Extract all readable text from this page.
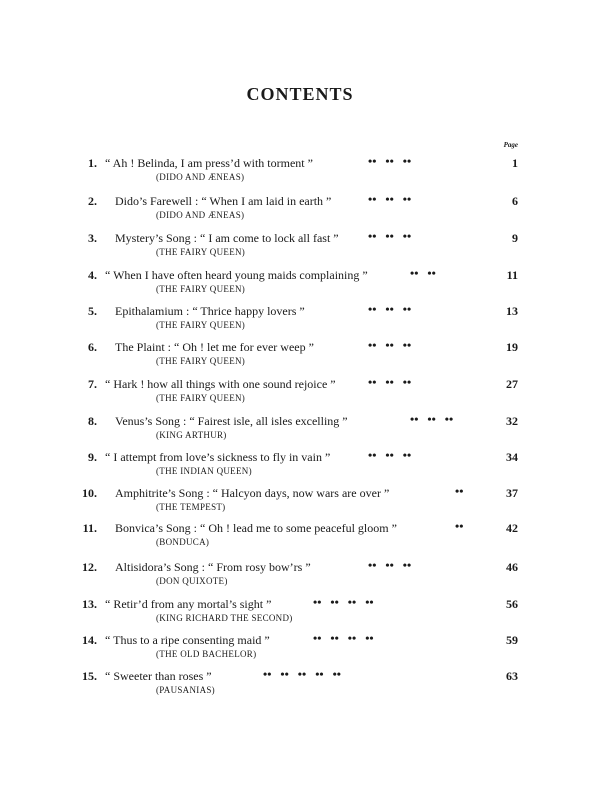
CONTENTS
Page
1. “ Ah ! Belinda, I am press’d with torment ”
(DIDO AND ÆNEAS)
••   ••   ••	1
2. Dido’s Farewell : “ When I am laid in earth ”
(DIDO AND ÆNEAS)
••   ••   ••	6
3. Mystery’s Song : “ I am come to lock all fast ”
(THE FAIRY QUEEN)
••   ••   ••	9
4. “ When I have often heard young maids complaining ”
(THE FAIRY QUEEN)
••   ••	11
5. Epithalamium : “ Thrice happy lovers ”
(THE FAIRY QUEEN)
••   ••   ••	13
6. The Plaint : “ Oh ! let me for ever weep ”
(THE FAIRY QUEEN)
••   ••   ••	19
7. “ Hark ! how all things with one sound rejoice ”
(THE FAIRY QUEEN)
••   ••   ••	27
8. Venus’s Song : “ Fairest isle, all isles excelling ”
(KING ARTHUR)
••   ••   ••	32
9. “ I attempt from love’s sickness to fly in vain ”
(THE INDIAN QUEEN)
••   ••   ••	34
10. Amphitrite’s Song : “ Halcyon days, now wars are over ”
(THE TEMPEST)
••	37
11. Bonvica’s Song : “ Oh ! lead me to some peaceful gloom ”
(BONDUCA)
••	42
12. Altisidora’s Song : “ From rosy bow’rs ”
(DON QUIXOTE)
••   ••   ••	46
13. “ Retir’d from any mortal’s sight ”
(KING RICHARD THE SECOND)
••   ••   ••   ••	56
14. “ Thus to a ripe consenting maid ”
(THE OLD BACHELOR)
••   ••   ••   ••	59
15. “ Sweeter than roses ”
(PAUSANIAS)
••   ••   ••   ••   ••	63
